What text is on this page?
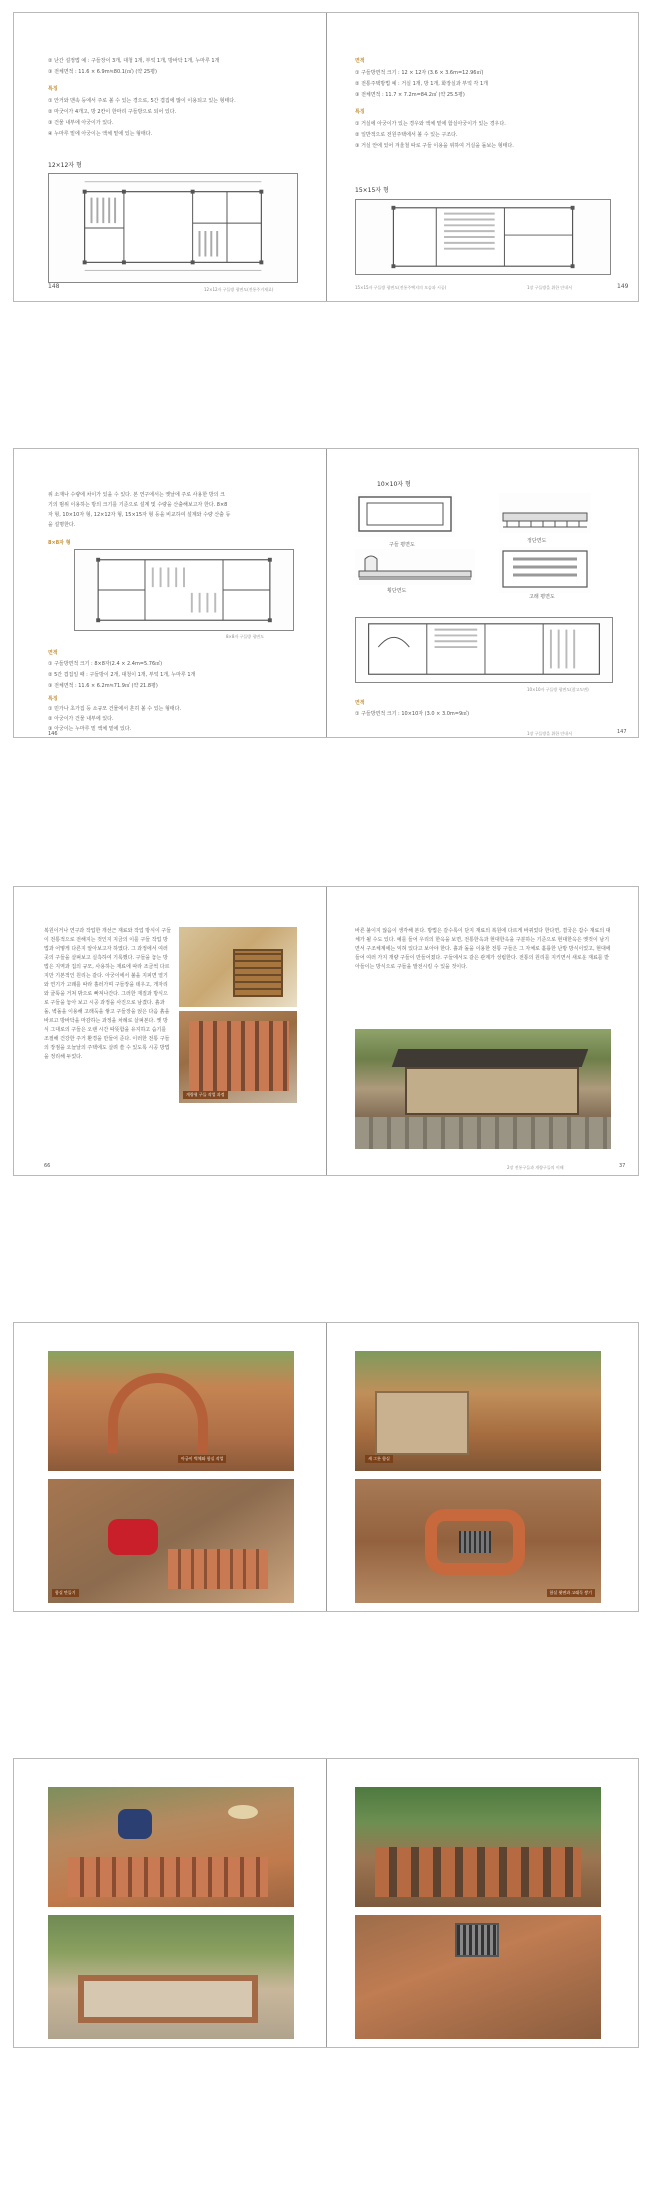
② 난간 설정법 예 : 구들장이 3개, 대청 1개, 부엌 1개, 방바닥 1개, 누마루 1개
③ 전체면적 : 11.6 × 6.9m≒80.1(㎡) (약 25평)
특징
① 안거와 맨속 등에서 주로 볼 수 있는 경으로, 5간 겹집에 많이 이용되고 있는 형태다.
② 마굿이가 4개고, 방 2칸이 한마리 구들방으로 되어 있다.
③ 건물 내부에 아궁이가 있다.
④ 누마루 밑에 아궁이는 액체 밑에 있는 형태다.
12×12자 형
12×12자 구들방 평면도(전통주거재료)
148
면적
① 구들방면적 크기 : 12 × 12자 (3.6 × 3.6m=12.96㎡)
② 전통주택방법 예 : 거실 1개, 방 1개, 화장실과 부엌 각 1개
③ 전체면적 : 11.7 × 7.2m=84.2㎡ (약 25.5평)
특징
① 거실에 아궁이가 있는 경우와 액체 밑에 함실아궁이가 있는 경우다.
② 일반적으로 전원주택에서 볼 수 있는 구조다.
③ 거실 안에 있어 겨울철 따로 구들 이용을 위하여 거실을 돌보는 형태다.
15×15자 형
15×15자 구들방 평면도(전통주택지의 모습과 시공)	1장 구들방을 위한 안내서	149
위 소재나 수량에 차이가 있을 수 있다. 본 연구에서는 옛날에 주로 사용한 방의 크
기의 범위 이용하는 방의 크기를 기준으로 설계 및 수량을 산출해보고자 한다. 8×8
자 형, 10×10자 형, 12×12자 형, 15×15자 형 등을 비교하여 설계와 수량 산출 등
을 설명한다.
8×8자 형
8×8자 구들방 평면도
면적
① 구들방면적 크기 : 8×8자(2.4 × 2.4m=5.76㎡)
② 5간 겹집일 때 : 구들방이 2개, 대청이 1개, 부엌 1개, 누마루 1개
③ 전체면적 : 11.6 × 6.2m≒71.9㎡ (약 21.8평)
특징
① 민가나 초가집 등 소규모 건물에서 흔히 볼 수 있는 형태다.
② 아궁이가 건물 내부에 있다.
③ 아궁이는 누마루 밑 액체 밑에 있다.
146
10×10자 형
구들 평면도
정단면도
횡단면도
고래 평면도
10×10자 구들방 평면도(참고도면)
면적
① 구들방면적 크기 : 10×10자 (3.0 × 3.0m=9㎡)
1장 구들방을 위한 안내서	147
복원이거나 연구과 작업한 개선근 재료와 작업 방식이 구들이 전통적으로 전해지는 것인지 지금의 이를 구들 작업 방법과 어떻게 다른지 알아보고자 하였다. 그 과정에서 여러 곳의 구들을 살펴보고 실측하여 기록했다. 구들을 놓는 방법은 지역과 집의 규모, 사용하는 재료에 따라 조금씩 다르지만 기본적인 원리는 같다. 아궁이에서 불을 지피면 열기와 연기가 고래를 따라 흘러가며 구들장을 데우고, 개자리와 굴뚝을 거쳐 밖으로 빠져나간다. 그러한 재질과 방식으로 구들을 놓아 보고 시공 과정을 사진으로 남겼다. 흙과 돌, 벽돌을 이용해 고래둑을 쌓고 구들장을 얹은 다음 흙을 바르고 방바닥을 마감하는 과정을 차례로 살펴본다. 옛 방식 그대로의 구들은 오랜 시간 따뜻함을 유지하고 습기를 조절해 건강한 주거 환경을 만들어 준다. 이러한 전통 구들의 장점을 오늘날의 주택에도 살려 쓸 수 있도록 시공 방법을 정리해 두었다.
개량형 구들 작업 과정
66
바른 불이지 않음이 생각해 본다. 방법은 갈수록이 단지 재료의 복원에 다르게 바뀌었다 한다면, 결국은 갑수 재료의 대체가 될 수도 있다. 예를 들어 우리의 한옥을 보면, 전통한옥과 현대한옥을 구분하는 기준으로 현대한옥은 옛것이 남기면서 구조체계에는 익혀 있다고 보아야 한다. 흙과 돌을 이용한 전통 구들은 그 자체로 훌륭한 난방 방식이었고, 현대에 들어 여러 가지 개량 구들이 만들어졌다. 구들에서도 같은 관계가 성립한다. 전통의 원리를 지키면서 새로운 재료를 받아들이는 방식으로 구들을 발전시킬 수 있을 것이다.
2장 전통구들과 개량구들의 이해	37
아궁이 벽체와 함실 작업
함실 만들기
새 그릇 함실
함실 윗면과 고래둑 쌓기
